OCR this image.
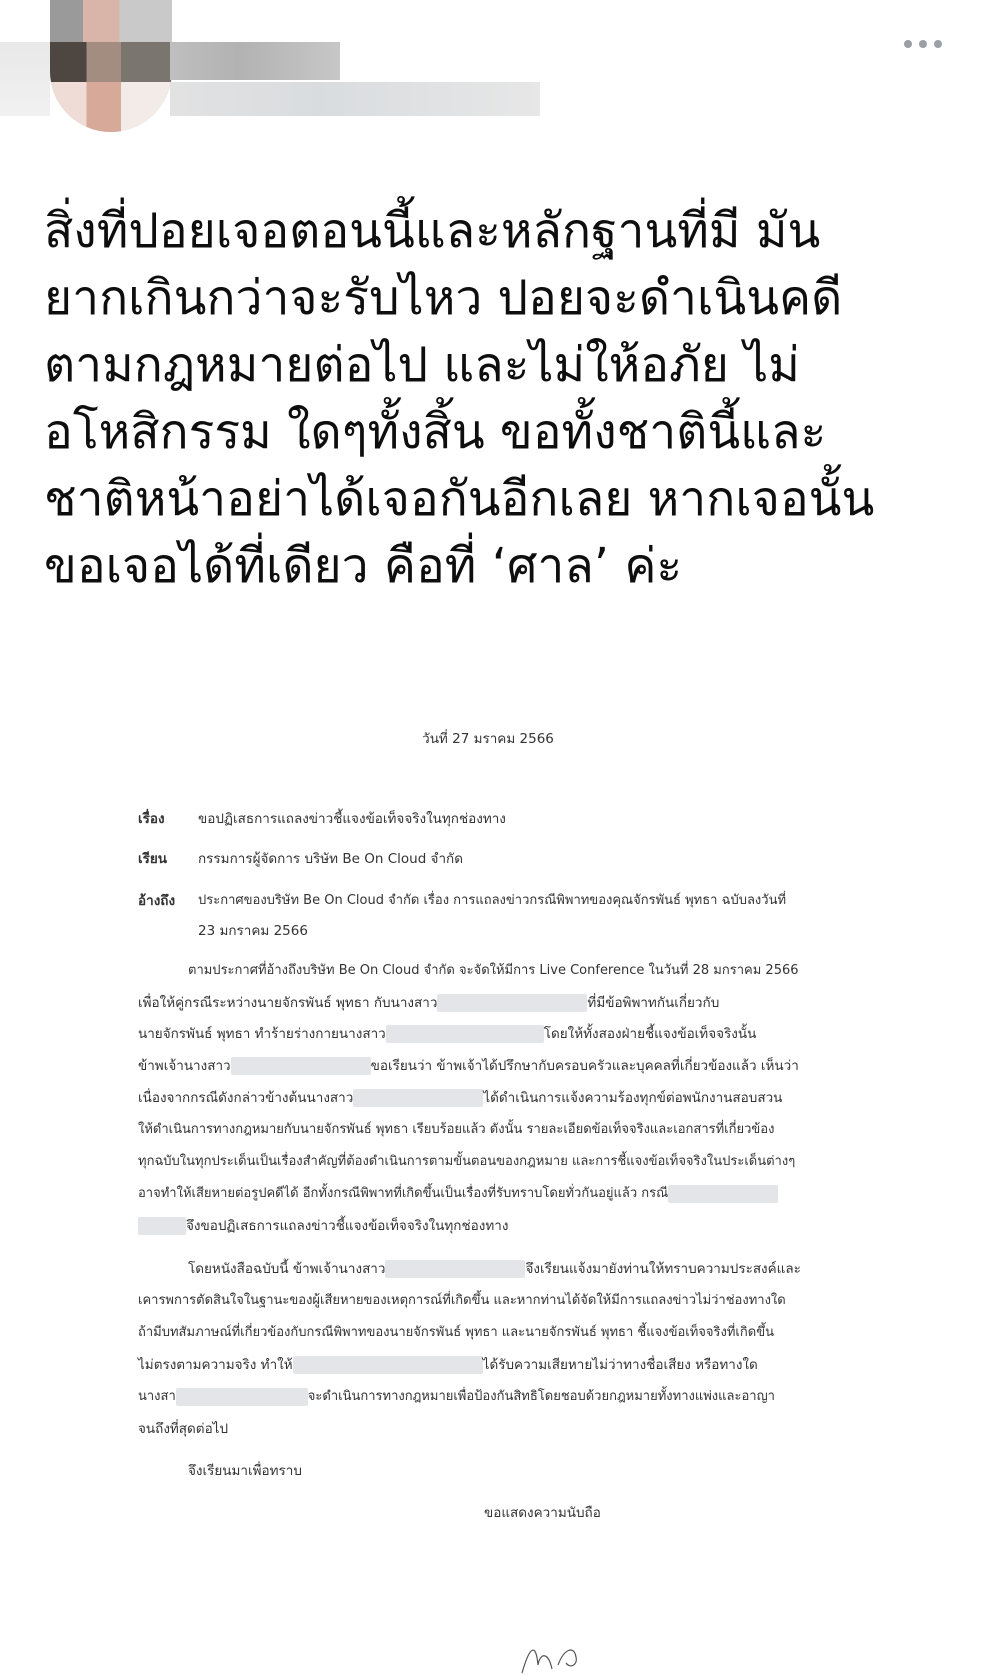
สิ่งที่ปอยเจอตอนนี้และหลักฐานที่มี มัน
ยากเกินกว่าจะรับไหว ปอยจะดำเนินคดี
ตามกฎหมายต่อไป และไม่ให้อภัย ไม่
อโหสิกรรม ใดๆทั้งสิ้น ขอทั้งชาตินี้และ
ชาติหน้าอย่าได้เจอกันอีกเลย หากเจอนั้น
ขอเจอได้ที่เดียว คือที่ ‘ศาล’ ค่ะ
วันที่ 27 มราคม 2566
เรื่อง ขอปฏิเสธการแถลงข่าวชี้แจงข้อเท็จจริงในทุกช่องทาง
เรียน กรรมการผู้จัดการ บริษัท Be On Cloud จำกัด
อ้างถึง ประกาศของบริษัท Be On Cloud จำกัด เรื่อง การแถลงข่าวกรณีพิพาทของคุณจักรพันธ์ พุทธา ฉบับลงวันที่
23 มกราคม 2566
ตามประกาศที่อ้างถึงบริษัท Be On Cloud จำกัด จะจัดให้มีการ Live Conference ในวันที่ 28 มกราคม 2566
เพื่อให้คู่กรณีระหว่างนายจักรพันธ์ พุทธา กับนางสาว	ที่มีข้อพิพาทกันเกี่ยวกับ
นายจักรพันธ์ พุทธา ทำร้ายร่างกายนางสาว	โดยให้ทั้งสองฝ่ายชี้แจงข้อเท็จจริงนั้น
ข้าพเจ้านางสาว	ขอเรียนว่า ข้าพเจ้าได้ปรึกษากับครอบครัวและบุคคลที่เกี่ยวข้องแล้ว เห็นว่า
เนื่องจากกรณีดังกล่าวข้างต้นนางสาว	ได้ดำเนินการแจ้งความร้องทุกข์ต่อพนักงานสอบสวน
ให้ดำเนินการทางกฎหมายกับนายจักรพันธ์ พุทธา เรียบร้อยแล้ว ดังนั้น รายละเอียดข้อเท็จจริงและเอกสารที่เกี่ยวข้อง
ทุกฉบับในทุกประเด็นเป็นเรื่องสำคัญที่ต้องดำเนินการตามขั้นตอนของกฎหมาย และการชี้แจงข้อเท็จจริงในประเด็นต่างๆ
อาจทำให้เสียหายต่อรูปคดีได้ อีกทั้งกรณีพิพาทที่เกิดขึ้นเป็นเรื่องที่รับทราบโดยทั่วกันอยู่แล้ว กรณี
จึงขอปฏิเสธการแถลงข่าวชี้แจงข้อเท็จจริงในทุกช่องทาง
โดยหนังสือฉบับนี้ ข้าพเจ้านางสาว	จึงเรียนแจ้งมายังท่านให้ทราบความประสงค์และ
เคารพการตัดสินใจในฐานะของผู้เสียหายของเหตุการณ์ที่เกิดขึ้น และหากท่านได้จัดให้มีการแถลงข่าวไม่ว่าช่องทางใด
ถ้ามีบทสัมภาษณ์ที่เกี่ยวข้องกับกรณีพิพาทของนายจักรพันธ์ พุทธา และนายจักรพันธ์ พุทธา ชี้แจงข้อเท็จจริงที่เกิดขึ้น
ไม่ตรงตามความจริง ทำให้	ได้รับความเสียหายไม่ว่าทางชื่อเสียง หรือทางใด
นางสา	จะดำเนินการทางกฎหมายเพื่อป้องกันสิทธิโดยชอบด้วยกฎหมายทั้งทางแพ่งและอาญา
จนถึงที่สุดต่อไป
จึงเรียนมาเพื่อทราบ
ขอแสดงความนับถือ
